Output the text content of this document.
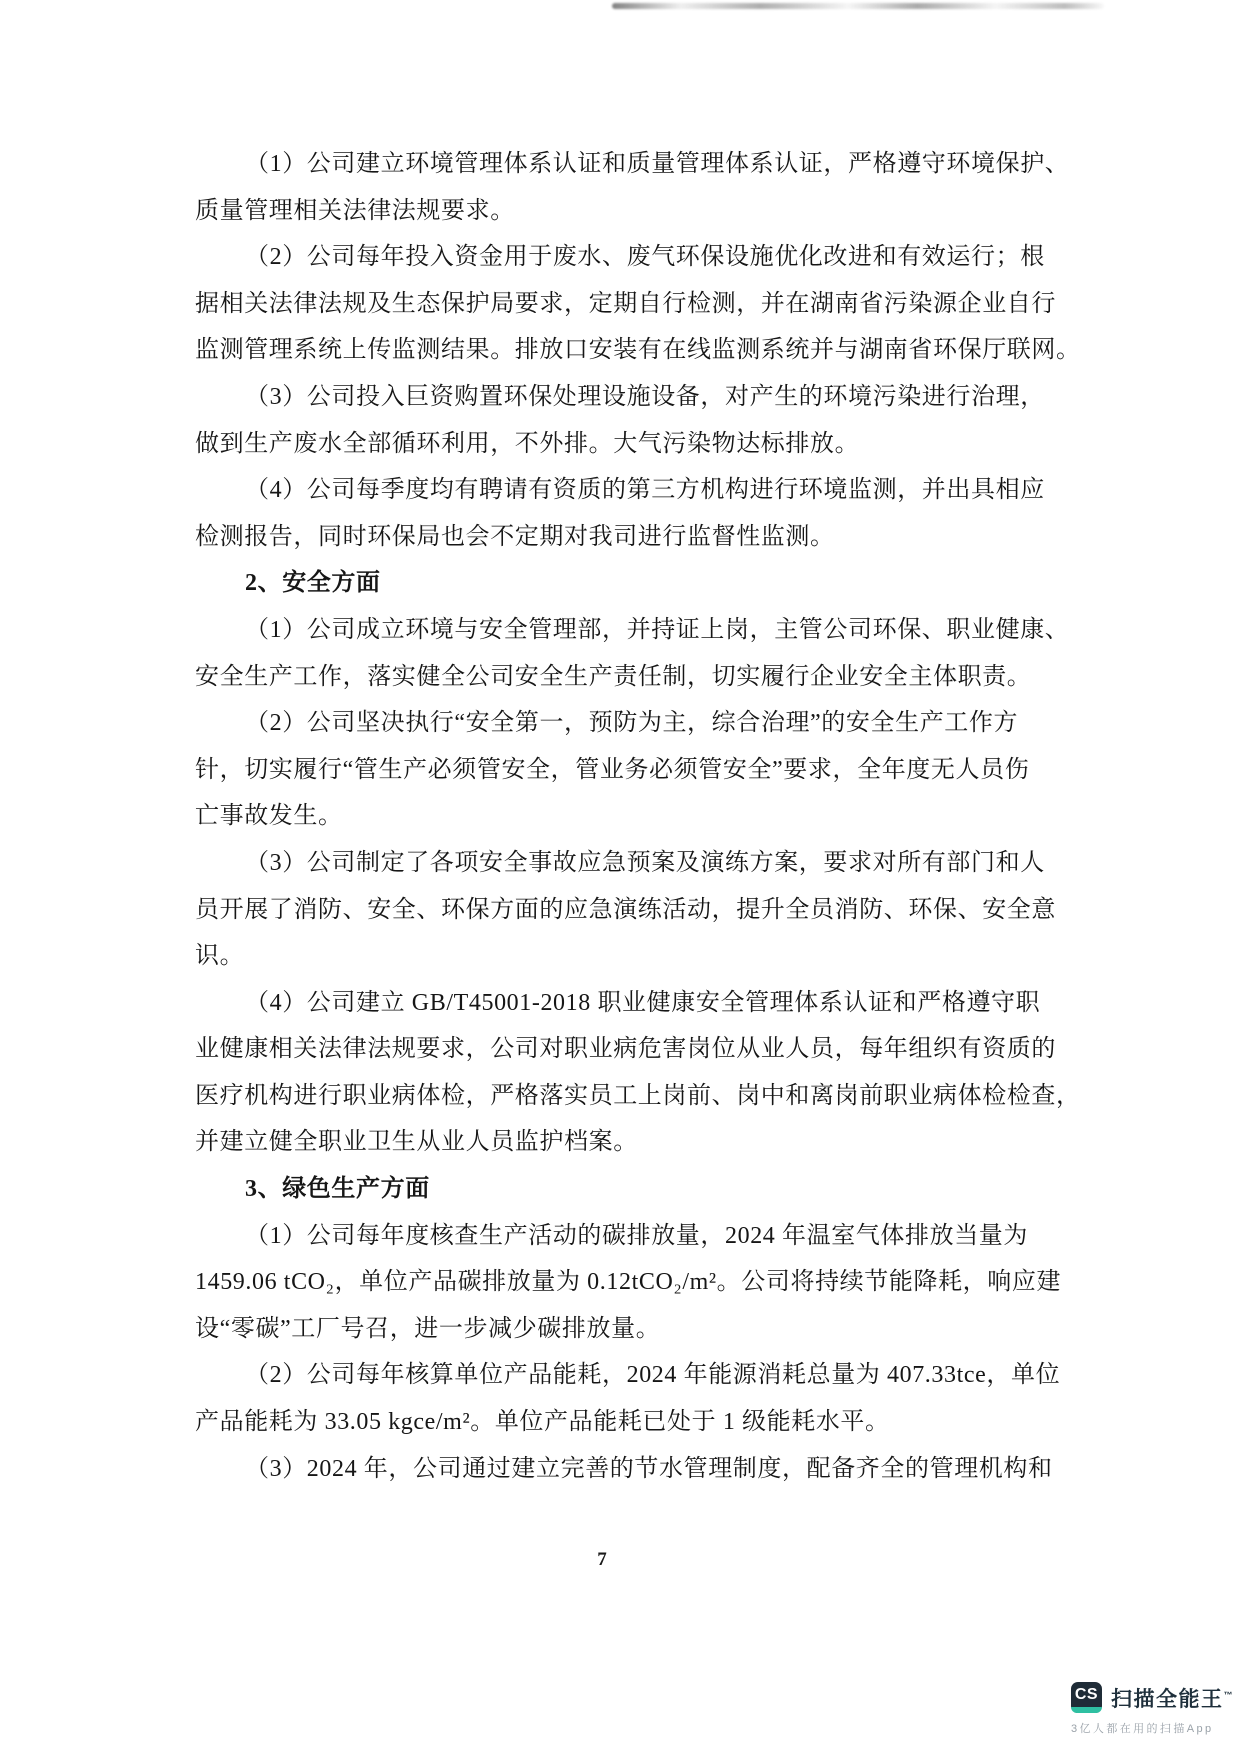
（1）公司建立环境管理体系认证和质量管理体系认证，严格遵守环境保护、
质量管理相关法律法规要求。
（2）公司每年投入资金用于废水、废气环保设施优化改进和有效运行；根
据相关法律法规及生态保护局要求，定期自行检测，并在湖南省污染源企业自行
监测管理系统上传监测结果。排放口安装有在线监测系统并与湖南省环保厅联网。
（3）公司投入巨资购置环保处理设施设备，对产生的环境污染进行治理，
做到生产废水全部循环利用，不外排。大气污染物达标排放。
（4）公司每季度均有聘请有资质的第三方机构进行环境监测，并出具相应
检测报告，同时环保局也会不定期对我司进行监督性监测。
2、安全方面
（1）公司成立环境与安全管理部，并持证上岗，主管公司环保、职业健康、
安全生产工作，落实健全公司安全生产责任制，切实履行企业安全主体职责。
（2）公司坚决执行“安全第一，预防为主，综合治理”的安全生产工作方
针，切实履行“管生产必须管安全，管业务必须管安全”要求，全年度无人员伤
亡事故发生。
（3）公司制定了各项安全事故应急预案及演练方案，要求对所有部门和人
员开展了消防、安全、环保方面的应急演练活动，提升全员消防、环保、安全意
识。
（4）公司建立 GB/T45001-2018 职业健康安全管理体系认证和严格遵守职
业健康相关法律法规要求，公司对职业病危害岗位从业人员，每年组织有资质的
医疗机构进行职业病体检，严格落实员工上岗前、岗中和离岗前职业病体检检查，
并建立健全职业卫生从业人员监护档案。
3、绿色生产方面
（1）公司每年度核查生产活动的碳排放量，2024 年温室气体排放当量为
1459.06 tCO₂，单位产品碳排放量为 0.12tCO₂/m²。公司将持续节能降耗，响应建
设“零碳”工厂号召，进一步减少碳排放量。
（2）公司每年核算单位产品能耗，2024 年能源消耗总量为 407.33tce，单位
产品能耗为 33.05 kgce/m²。单位产品能耗已处于 1 级能耗水平。
（3）2024 年，公司通过建立完善的节水管理制度，配备齐全的管理机构和
7
CS 扫描全能王™
3亿人都在用的扫描App
